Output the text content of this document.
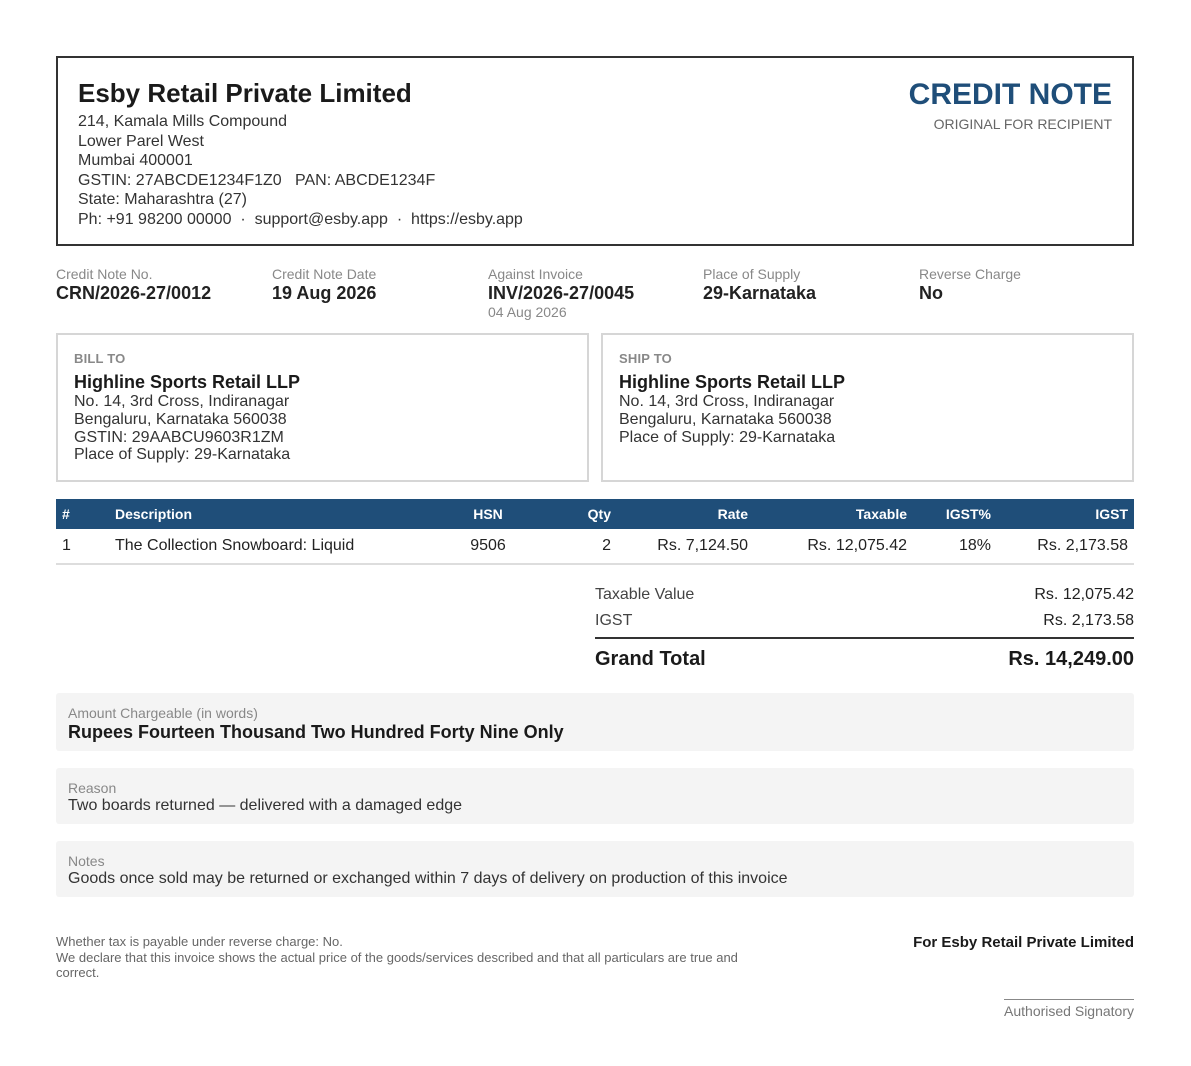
Esby Retail Private Limited
214, Kamala Mills Compound
Lower Parel West
Mumbai 400001
GSTIN: 27ABCDE1234F1Z0 PAN: ABCDE1234F
State: Maharashtra (27)
Ph: +91 98200 00000  ·  support@esby.app  ·  https://esby.app
CREDIT NOTE
ORIGINAL FOR RECIPIENT
Credit Note No.
CRN/2026-27/0012
Credit Note Date
19 Aug 2026
Against Invoice
INV/2026-27/0045
04 Aug 2026
Place of Supply
29-Karnataka
Reverse Charge
No
BILL TO
Highline Sports Retail LLP
No. 14, 3rd Cross, Indiranagar
Bengaluru, Karnataka 560038
GSTIN: 29AABCU9603R1ZM
Place of Supply: 29-Karnataka
SHIP TO
Highline Sports Retail LLP
No. 14, 3rd Cross, Indiranagar
Bengaluru, Karnataka 560038
Place of Supply: 29-Karnataka
#	Description	HSN	Qty	Rate	Taxable	IGST%	IGST
1	The Collection Snowboard: Liquid	9506	2	Rs. 7,124.50	Rs. 12,075.42	18%	Rs. 2,173.58
Taxable Value	Rs. 12,075.42
IGST	Rs. 2,173.58
Grand Total	Rs. 14,249.00
Amount Chargeable (in words)
Rupees Fourteen Thousand Two Hundred Forty Nine Only
Reason
Two boards returned — delivered with a damaged edge
Notes
Goods once sold may be returned or exchanged within 7 days of delivery on production of this invoice
Whether tax is payable under reverse charge: No.
We declare that this invoice shows the actual price of the goods/services described and that all particulars are true and correct.
For Esby Retail Private Limited
Authorised Signatory
